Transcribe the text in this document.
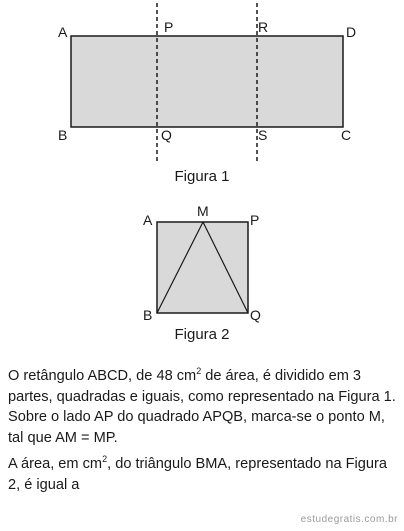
A	P	R	D
B	Q	S	C
A
M
P
B	Q
Figura 1
Figura 2

O retângulo ABCD, de 48 $cm^2$ de área, é dividido em 3 partes, quadradas e iguais, como representado na Figura 1. Sobre o lado AP do quadrado APQB, marca-se o ponto M, tal que AM = MP.

A área, em $cm^2$, do triângulo BMA, representado na Figura 2, é igual a

estudegratis.com.br
